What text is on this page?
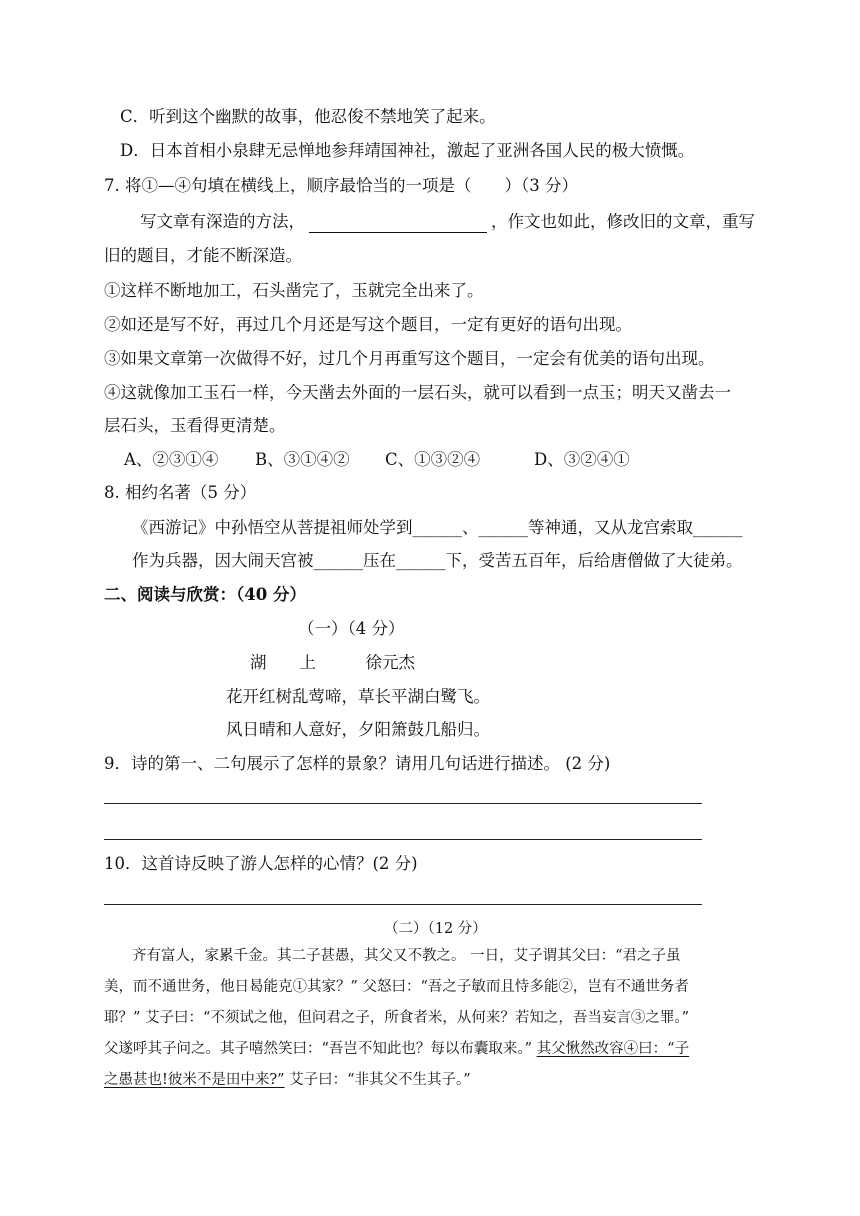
C．听到这个幽默的故事，他忍俊不禁地笑了起来。
D．日本首相小泉肆无忌惮地参拜靖国神社，激起了亚洲各国人民的极大愤慨。
7. 将①—④句填在横线上，顺序最恰当的一项是（　　）（3 分）
写文章有深造的方法，	，作文也如此，修改旧的文章，重写
旧的题目，才能不断深造。
①这样不断地加工，石头凿完了，玉就完全出来了。
②如还是写不好，再过几个月还是写这个题目，一定有更好的语句出现。
③如果文章第一次做得不好，过几个月再重写这个题目，一定会有优美的语句出现。
④这就像加工玉石一样，今天凿去外面的一层石头，就可以看到一点玉；明天又凿去一
层石头，玉看得更清楚。
A、②③①④ B、③①④② C、①③②④	D、③②④①
8. 相约名著（5 分）
《西游记》中孙悟空从菩提祖师处学到______、______等神通，又从龙宫索取______
作为兵器，因大闹天宫被______压在______下，受苦五百年，后给唐僧做了大徒弟。
二、阅读与欣赏：（40 分）
（一）（4 分）
湖　　上　　　徐元杰
花开红树乱莺啼，草长平湖白鹭飞。
风日晴和人意好，夕阳箫鼓几船归。
9．诗的第一、二句展示了怎样的景象？请用几句话进行描述。 (2 分)
10．这首诗反映了游人怎样的心情？(2 分)
（二）（12 分）
齐有富人，家累千金。其二子甚愚，其父又不教之。 一日，艾子谓其父曰：“君之子虽
美，而不通世务，他日曷能克①其家？” 父怒曰：“吾之子敏而且恃多能②，岂有不通世务者
耶？” 艾子曰：“不须试之他，但问君之子，所食者米，从何来？若知之，吾当妄言③之罪。”
父遂呼其子问之。其子嘻然笑曰：“吾岂不知此也？每以布囊取来。” 其父愀然改容④曰：“子
之愚甚也!彼米不是田中来?” 艾子曰：“非其父不生其子。”
